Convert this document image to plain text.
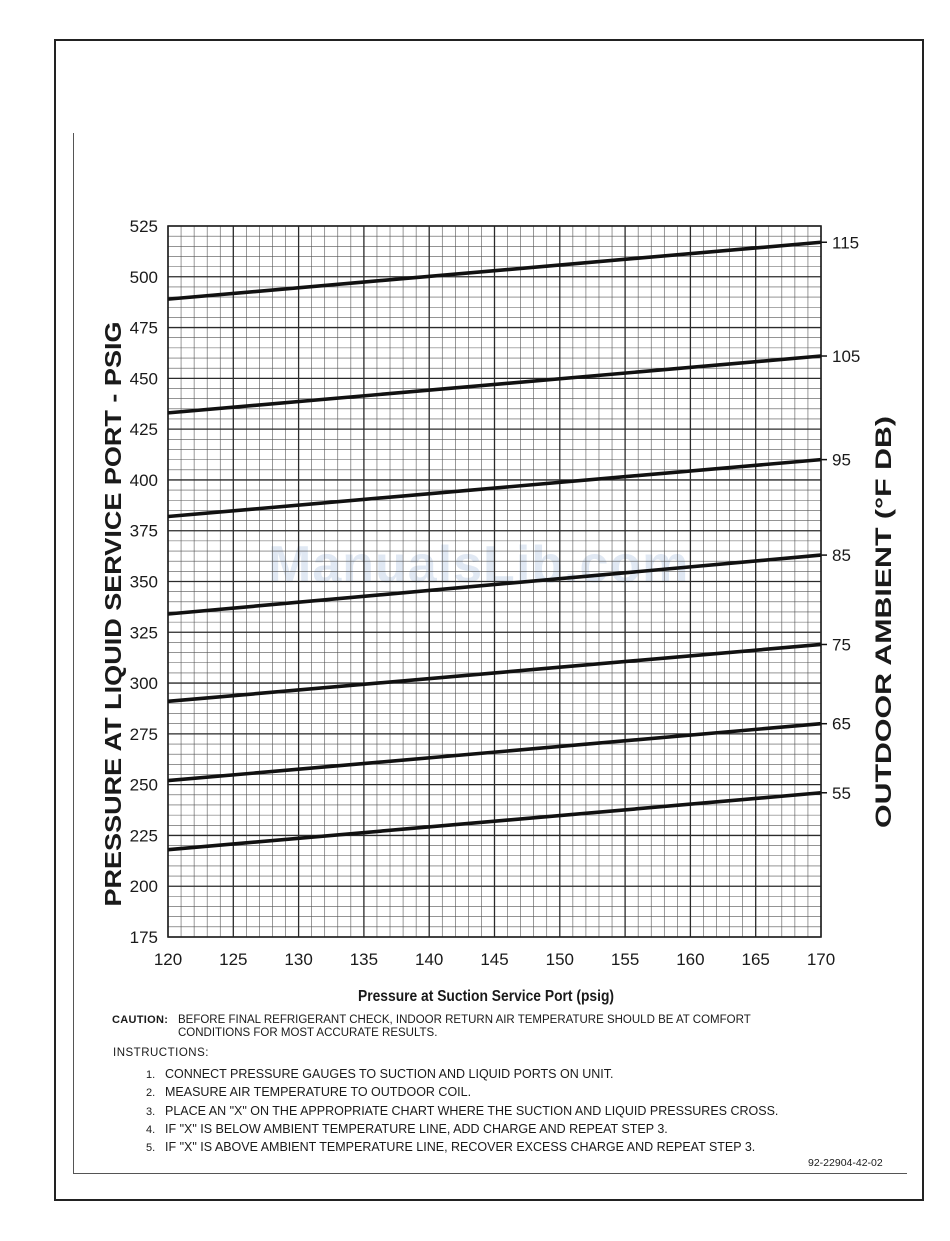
ManualsLib.com
120 125 130 135 140 145 150 155 160 165 170
175
200
225
250
275
300
325
350
375
400
425
450
475
500
525
115
105
95
85
75
65
55
Pressure at Suction Service Port (psig)
PRESSURE AT LIQUID SERVICE PORT - PSIG	OUTDOOR AMBIENT (°F DB)
CAUTION: BEFORE FINAL REFRIGERANT CHECK, INDOOR RETURN AIR TEMPERATURE SHOULD BE AT COMFORT
CONDITIONS FOR MOST ACCURATE RESULTS.
INSTRUCTIONS:
1. CONNECT PRESSURE GAUGES TO SUCTION AND LIQUID PORTS ON UNIT.
2. MEASURE AIR TEMPERATURE TO OUTDOOR COIL.
3. PLACE AN "X" ON THE APPROPRIATE CHART WHERE THE SUCTION AND LIQUID PRESSURES CROSS.
4. IF "X" IS BELOW AMBIENT TEMPERATURE LINE, ADD CHARGE AND REPEAT STEP 3.
5. IF "X" IS ABOVE AMBIENT TEMPERATURE LINE, RECOVER EXCESS CHARGE AND REPEAT STEP 3.
92-22904-42-02
